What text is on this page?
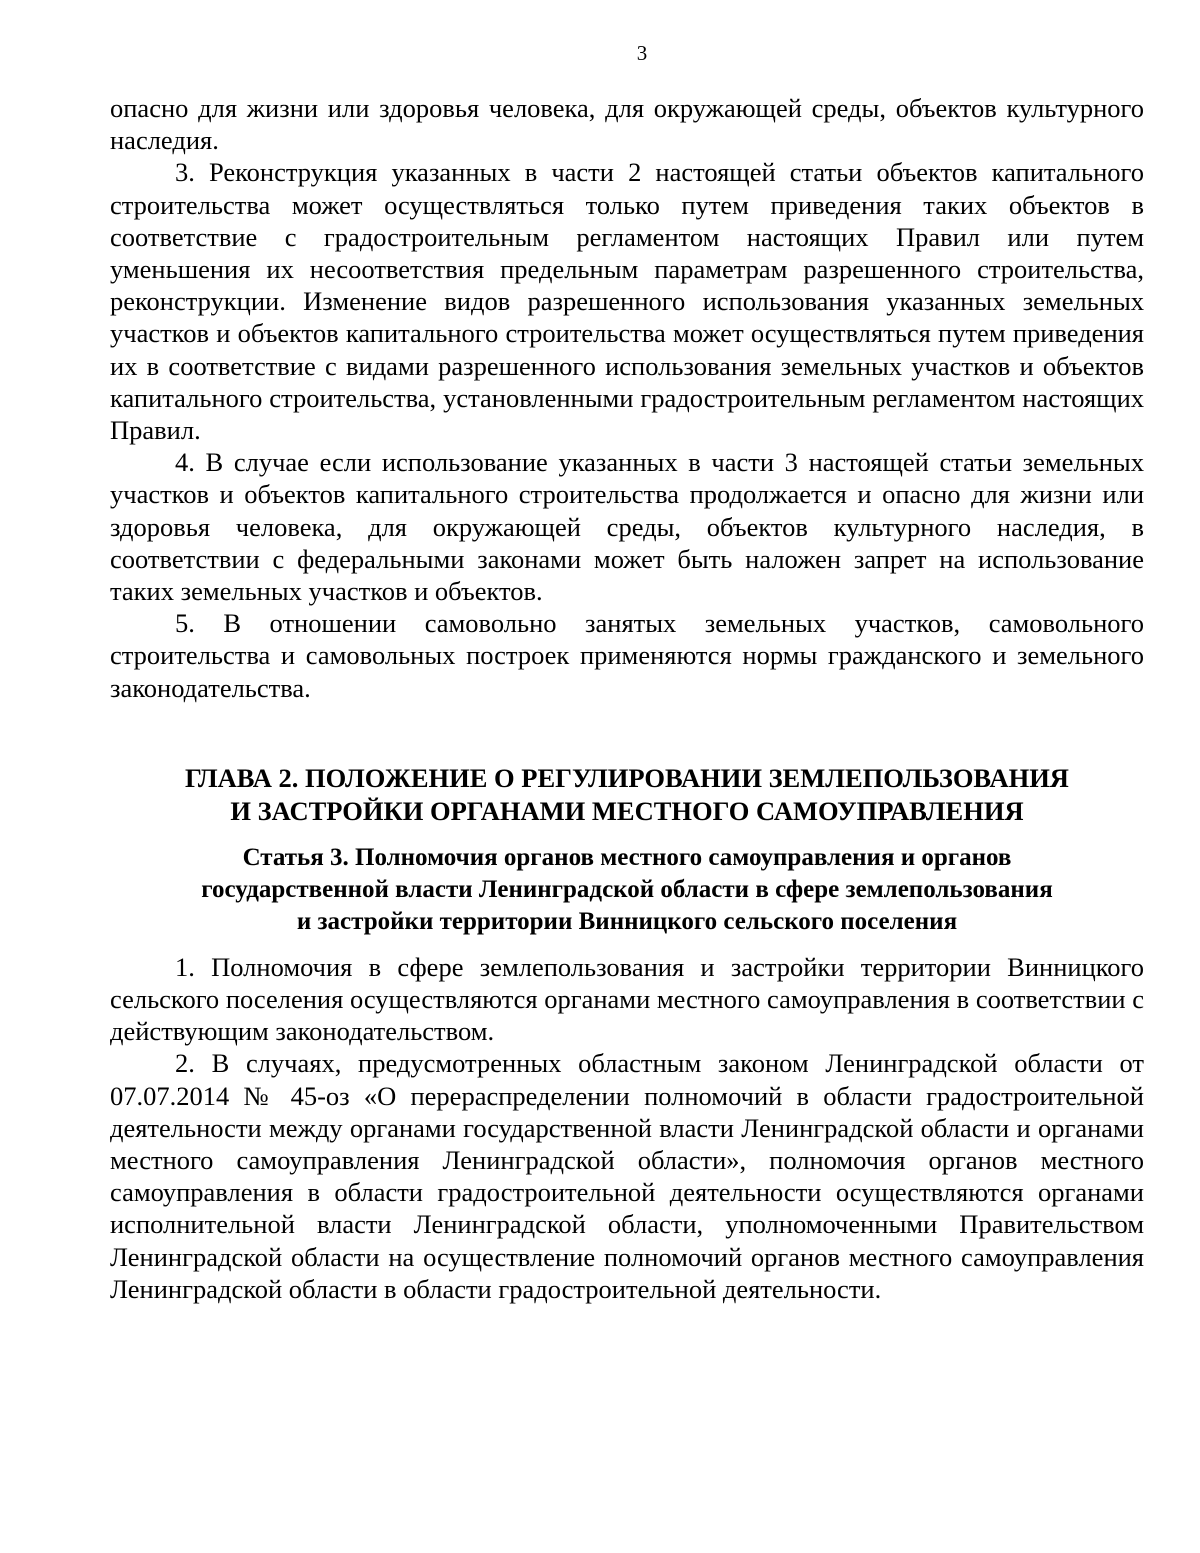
3

опасно для жизни или здоровья человека, для окружающей среды, объектов культурного наследия.

3. Реконструкция указанных в части 2 настоящей статьи объектов капитального строительства может осуществляться только путем приведения таких объектов в соответствие с градостроительным регламентом настоящих Правил или путем уменьшения их несоответствия предельным параметрам разрешенного строительства, реконструкции. Изменение видов разрешенного использования указанных земельных участков и объектов капитального строительства может осуществляться путем приведения их в соответствие с видами разрешенного использования земельных участков и объектов капитального строительства, установленными градостроительным регламентом настоящих Правил.

4. В случае если использование указанных в части 3 настоящей статьи земельных участков и объектов капитального строительства продолжается и опасно для жизни или здоровья человека, для окружающей среды, объектов культурного наследия, в соответствии с федеральными законами может быть наложен запрет на использование таких земельных участков и объектов.

5. В отношении самовольно занятых земельных участков, самовольного строительства и самовольных построек применяются нормы гражданского и земельного законодательства.

ГЛАВА 2. ПОЛОЖЕНИЕ О РЕГУЛИРОВАНИИ ЗЕМЛЕПОЛЬЗОВАНИЯ
И ЗАСТРОЙКИ ОРГАНАМИ МЕСТНОГО САМОУПРАВЛЕНИЯ
Статья 3. Полномочия органов местного самоуправления и органов
государственной власти Ленинградской области в сфере землепользования
и застройки территории Винницкого сельского поселения

1. Полномочия в сфере землепользования и застройки территории Винницкого сельского поселения осуществляются органами местного самоуправления в соответствии с действующим законодательством.

2. В случаях, предусмотренных областным законом Ленинградской области от 07.07.2014 № 45-оз «О перераспределении полномочий в области градостроительной деятельности между органами государственной власти Ленинградской области и органами местного самоуправления Ленинградской области», полномочия органов местного самоуправления в области градостроительной деятельности осуществляются органами исполнительной власти Ленинградской области, уполномоченными Правительством Ленинградской области на осуществление полномочий органов местного самоуправления Ленинградской области в области градостроительной деятельности.
